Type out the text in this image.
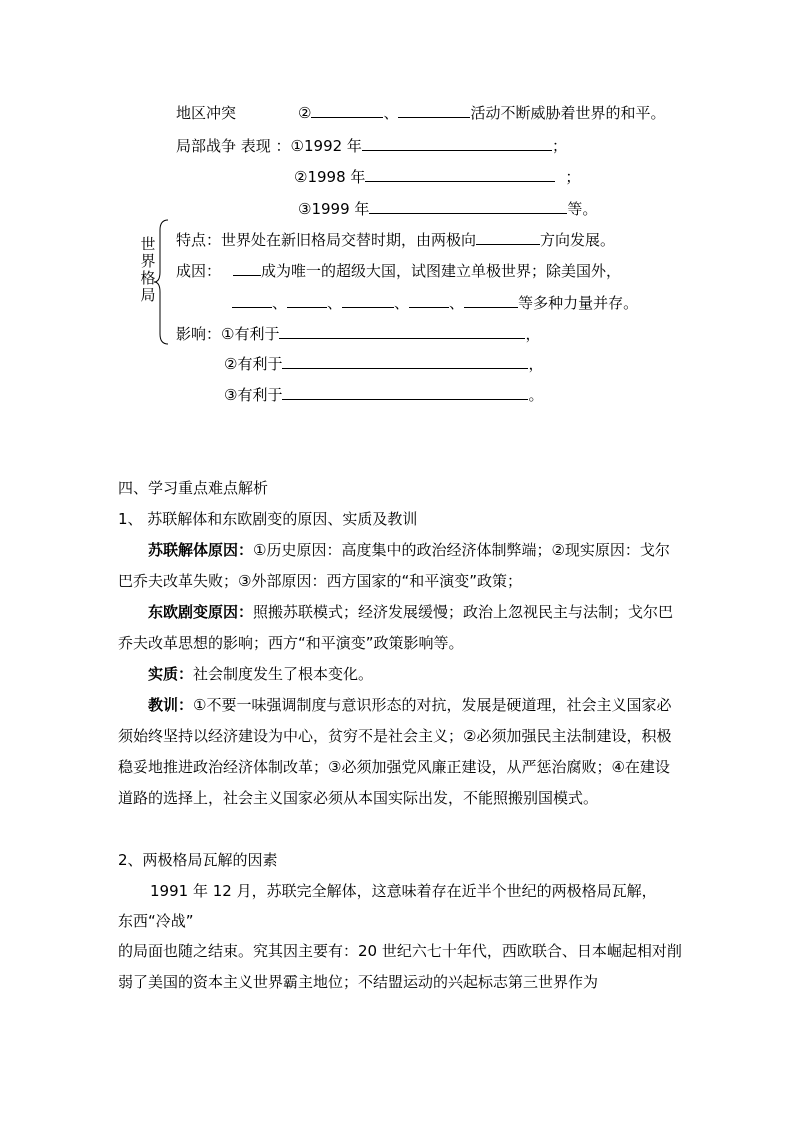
地区冲突	②	、	活动不断威胁着世界的和平。
局部战争 表现 ：①1992 年	；
②1998 年	；
③1999 年	等。
世
界
格
局
特点：世界处在新旧格局交替时期，由两极向	方向发展。
成因：	成为唯一的超级大国，试图建立单极世界；除美国外，
、	、	、	、	等多种力量并存。
影响：①有利于	，
②有利于	，
③有利于	。
四、学习重点难点解析
1、 苏联解体和东欧剧变的原因、实质及教训
苏联解体原因：①历史原因：高度集中的政治经济体制弊端；②现实原因：戈尔巴乔夫改革失败；③外部原因：西方国家的“和平演变”政策；
东欧剧变原因：照搬苏联模式；经济发展缓慢；政治上忽视民主与法制；戈尔巴乔夫改革思想的影响；西方“和平演变”政策影响等。
实质：社会制度发生了根本变化。
教训：①不要一味强调制度与意识形态的对抗，发展是硬道理，社会主义国家必须始终坚持以经济建设为中心，贫穷不是社会主义；②必须加强民主法制建设，积极稳妥地推进政治经济体制改革；③必须加强党风廉正建设，从严惩治腐败；④在建设道路的选择上，社会主义国家必须从本国实际出发，不能照搬别国模式。
2、两极格局瓦解的因素
1991 年 12 月，苏联完全解体，这意味着存在近半个世纪的两极格局瓦解，
东西“冷战”
的局面也随之结束。究其因主要有：20 世纪六七十年代，西欧联合、日本崛起相对削弱了美国的资本主义世界霸主地位；不结盟运动的兴起标志第三世界作为
